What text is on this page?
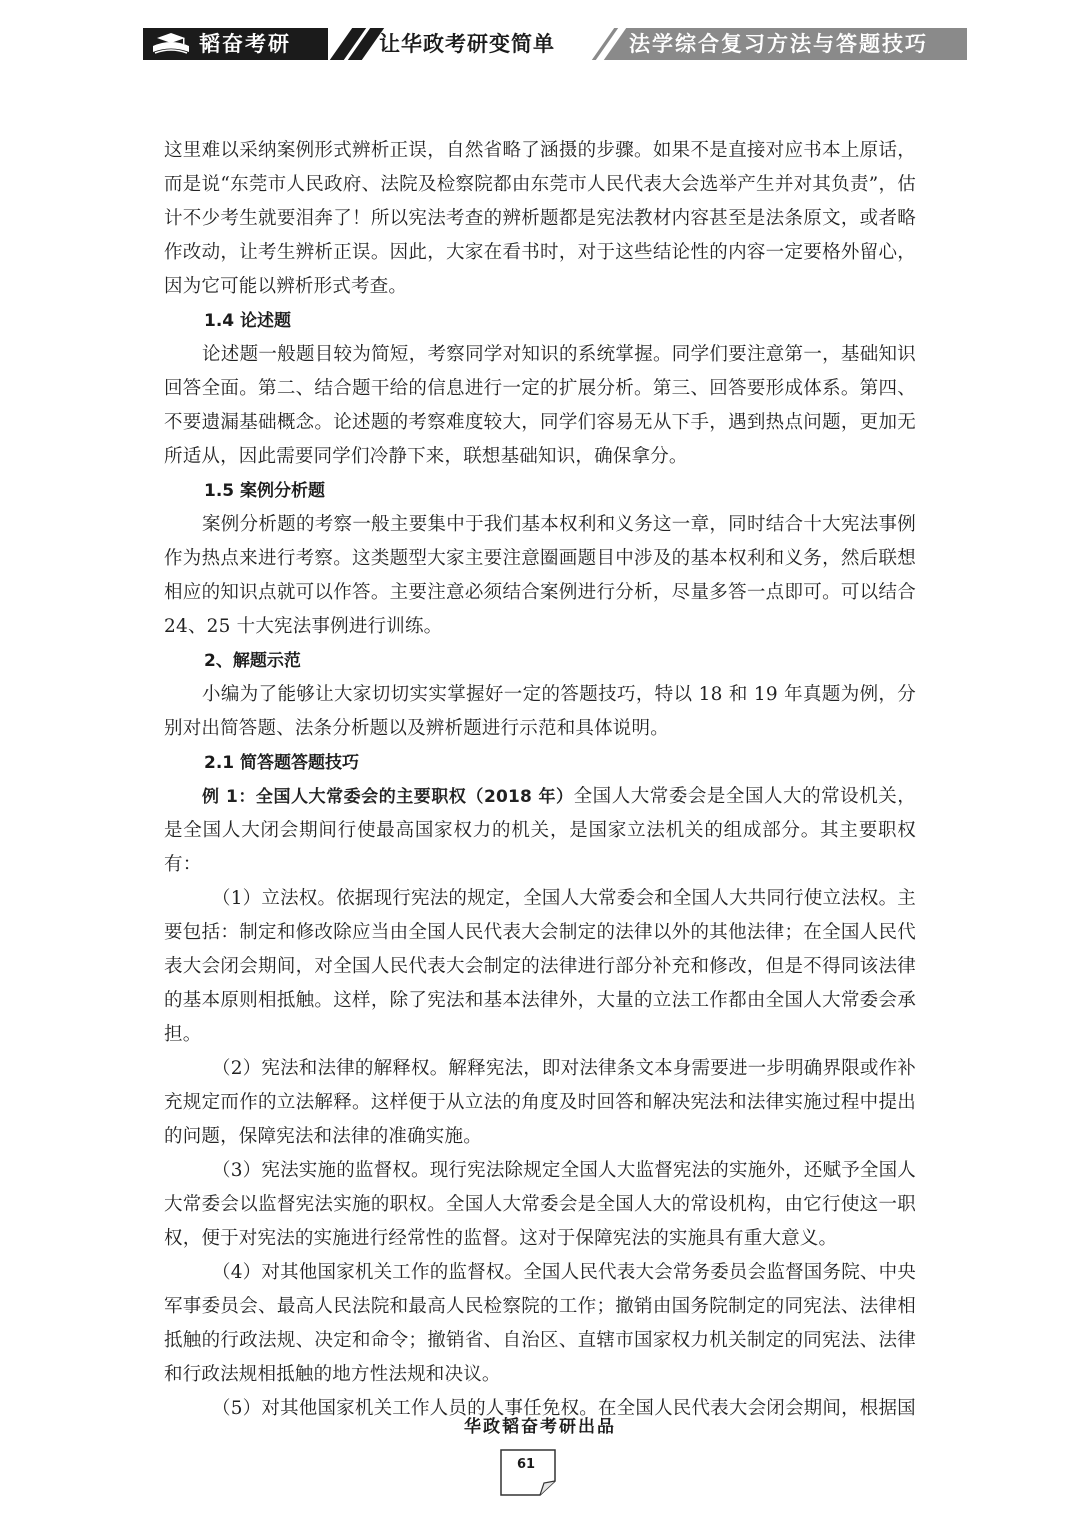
韬奋考研	让华政考研变简单	法学综合复习方法与答题技巧

这里难以采纳案例形式辨析正误，自然省略了涵摄的步骤。如果不是直接对应书本上原话，而是说“东莞市人民政府、法院及检察院都由东莞市人民代表大会选举产生并对其负责”，估计不少考生就要泪奔了！所以宪法考查的辨析题都是宪法教材内容甚至是法条原文，或者略作改动，让考生辨析正误。因此，大家在看书时，对于这些结论性的内容一定要格外留心，因为它可能以辨析形式考查。

1.4 论述题

论述题一般题目较为简短，考察同学对知识的系统掌握。同学们要注意第一，基础知识回答全面。第二、结合题干给的信息进行一定的扩展分析。第三、回答要形成体系。第四、不要遗漏基础概念。论述题的考察难度较大，同学们容易无从下手，遇到热点问题，更加无所适从，因此需要同学们冷静下来，联想基础知识，确保拿分。

1.5 案例分析题

案例分析题的考察一般主要集中于我们基本权利和义务这一章，同时结合十大宪法事例作为热点来进行考察。这类题型大家主要注意圈画题目中涉及的基本权利和义务，然后联想相应的知识点就可以作答。主要注意必须结合案例进行分析，尽量多答一点即可。可以结合 24、25 十大宪法事例进行训练。

2、解题示范

小编为了能够让大家切切实实掌握好一定的答题技巧，特以 18 和 19 年真题为例，分别对出简答题、法条分析题以及辨析题进行示范和具体说明。

2.1 简答题答题技巧

例 1：全国人大常委会的主要职权（2018 年）全国人大常委会是全国人大的常设机关，是全国人大闭会期间行使最高国家权力的机关，是国家立法机关的组成部分。其主要职权有：

（1）立法权。依据现行宪法的规定，全国人大常委会和全国人大共同行使立法权。主要包括：制定和修改除应当由全国人民代表大会制定的法律以外的其他法律；在全国人民代表大会闭会期间，对全国人民代表大会制定的法律进行部分补充和修改，但是不得同该法律的基本原则相抵触。这样，除了宪法和基本法律外，大量的立法工作都由全国人大常委会承担。

（2）宪法和法律的解释权。解释宪法，即对法律条文本身需要进一步明确界限或作补充规定而作的立法解释。这样便于从立法的角度及时回答和解决宪法和法律实施过程中提出的问题，保障宪法和法律的准确实施。

（3）宪法实施的监督权。现行宪法除规定全国人大监督宪法的实施外，还赋予全国人大常委会以监督宪法实施的职权。全国人大常委会是全国人大的常设机构，由它行使这一职权，便于对宪法的实施进行经常性的监督。这对于保障宪法的实施具有重大意义。

（4）对其他国家机关工作的监督权。全国人民代表大会常务委员会监督国务院、中央军事委员会、最高人民法院和最高人民检察院的工作；撤销由国务院制定的同宪法、法律相抵触的行政法规、决定和命令；撤销省、自治区、直辖市国家权力机关制定的同宪法、法律和行政法规相抵触的地方性法规和决议。

（5）对其他国家机关工作人员的人事任免权。在全国人民代表大会闭会期间，根据国

华政韬奋考研出品
61
